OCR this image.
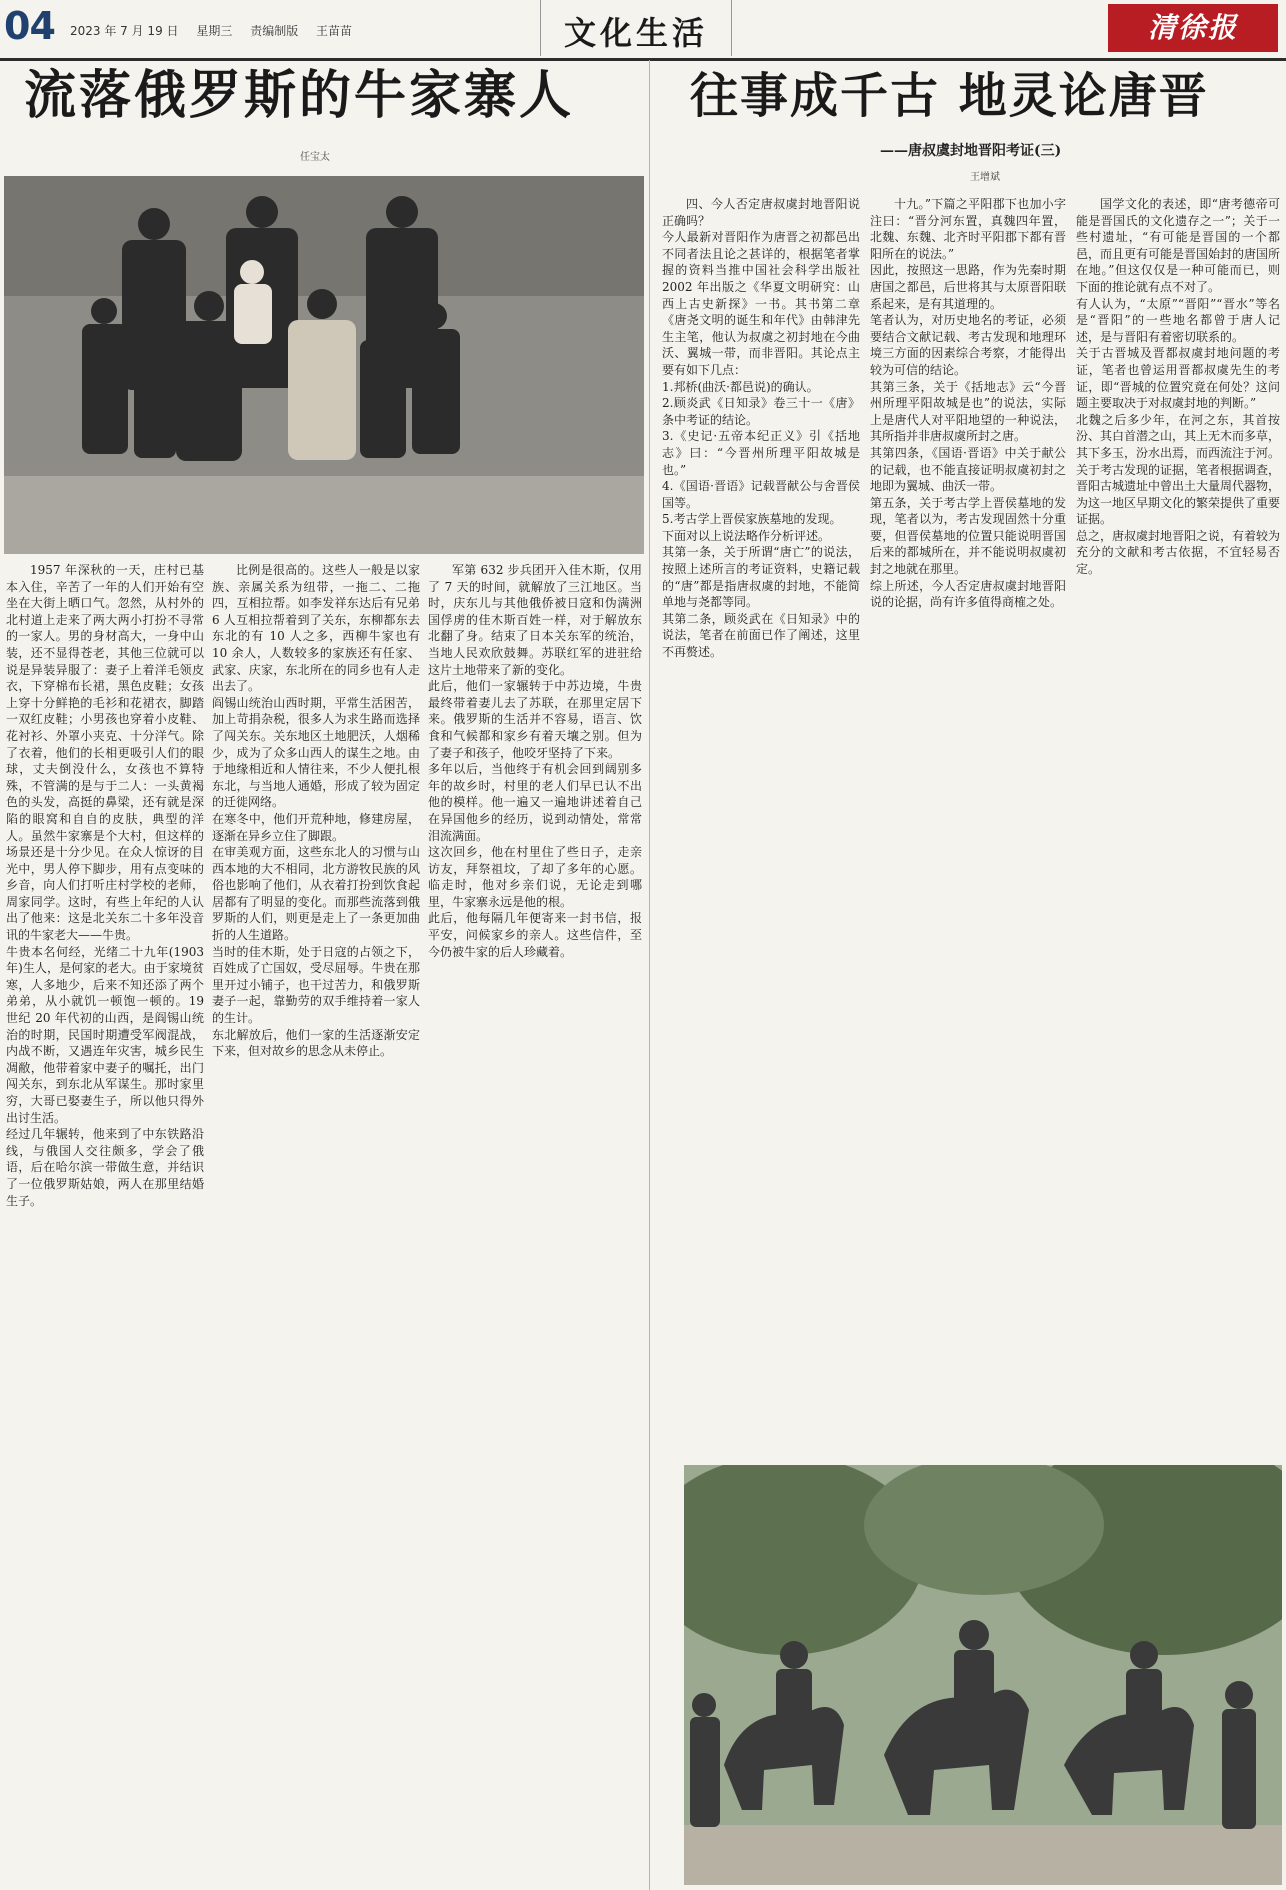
04 2023 年 7 月 19 日 星期三 责编制版 王苗苗	文化生活	清徐报
流落俄罗斯的牛家寨人
任宝太

1957 年深秋的一天，庄村已基本入住，辛苦了一年的人们开始有空坐在大街上晒口气。忽然，从村外的北村道上走来了两大两小打扮不寻常的一家人。男的身材高大，一身中山装，还不显得苍老，其他三位就可以说是异装异服了：妻子上着洋毛领皮衣，下穿棉布长裙，黑色皮鞋；女孩上穿十分鲜艳的毛衫和花裙衣，脚踏一双红皮鞋；小男孩也穿着小皮鞋、花衬衫、外罩小夹克、十分洋气。除了衣着，他们的长相更吸引人们的眼球，丈夫倒没什么，女孩也不算特殊，不管满的是与于二人：一头黄褐色的头发，高挺的鼻梁，还有就是深陷的眼窝和自自的皮肤，典型的洋人。虽然牛家寨是个大村，但这样的场景还是十分少见。在众人惊讶的目光中，男人停下脚步，用有点变味的乡音，向人们打听庄村学校的老师，周家同学。这时，有些上年纪的人认出了他来：这是北关东二十多年没音讯的牛家老大——牛贵。
牛贵本名何经，光绪二十九年(1903 年)生人，是何家的老大。由于家境贫寒，人多地少，后来不知还添了两个弟弟，从小就饥一顿饱一顿的。19 世纪 20 年代初的山西，是阎锡山统治的时期，民国时期遭受军阀混战，内战不断，又遇连年灾害，城乡民生凋敝，他带着家中妻子的嘱托，出门闯关东，到东北从军谋生。那时家里穷，大哥已娶妻生子，所以他只得外出讨生活。
经过几年辗转，他来到了中东铁路沿线，与俄国人交往颇多，学会了俄语，后在哈尔滨一带做生意，并结识了一位俄罗斯姑娘，两人在那里结婚生子。

比例是很高的。这些人一般是以家族、亲属关系为纽带，一拖二、二拖四，互相拉帮。如李发祥东达后有兄弟 6 人互相拉帮着到了关东，东柳都东去东北的有 10 人之多，西柳牛家也有 10 余人，人数较多的家族还有任家、武家、庆家，东北所在的同乡也有人走出去了。
阎锡山统治山西时期，平常生活困苦，加上苛捐杂税，很多人为求生路而选择了闯关东。关东地区土地肥沃，人烟稀少，成为了众多山西人的谋生之地。由于地缘相近和人情往来，不少人便扎根东北，与当地人通婚，形成了较为固定的迁徙网络。
在寒冬中，他们开荒种地，修建房屋，逐渐在异乡立住了脚跟。
在审美观方面，这些东北人的习惯与山西本地的大不相同，北方游牧民族的风俗也影响了他们，从衣着打扮到饮食起居都有了明显的变化。而那些流落到俄罗斯的人们，则更是走上了一条更加曲折的人生道路。
当时的佳木斯，处于日寇的占领之下，百姓成了亡国奴，受尽屈辱。牛贵在那里开过小铺子，也干过苦力，和俄罗斯妻子一起，靠勤劳的双手维持着一家人的生计。
东北解放后，他们一家的生活逐渐安定下来，但对故乡的思念从未停止。

军第 632 步兵团开入佳木斯，仅用了 7 天的时间，就解放了三江地区。当时，庆东儿与其他俄侨被日寇和伪满洲国俘虏的佳木斯百姓一样，对于解放东北翻了身。结束了日本关东军的统治，当地人民欢欣鼓舞。苏联红军的进驻给这片土地带来了新的变化。
此后，他们一家辗转于中苏边境，牛贵最终带着妻儿去了苏联，在那里定居下来。俄罗斯的生活并不容易，语言、饮食和气候都和家乡有着天壤之别。但为了妻子和孩子，他咬牙坚持了下来。
多年以后，当他终于有机会回到阔别多年的故乡时，村里的老人们早已认不出他的模样。他一遍又一遍地讲述着自己在异国他乡的经历，说到动情处，常常泪流满面。
这次回乡，他在村里住了些日子，走亲访友，拜祭祖坟，了却了多年的心愿。临走时，他对乡亲们说，无论走到哪里，牛家寨永远是他的根。
此后，他每隔几年便寄来一封书信，报平安，问候家乡的亲人。这些信件，至今仍被牛家的后人珍藏着。

往事成千古 地灵论唐晋
——唐叔虞封地晋阳考证(三)
王增斌

四、今人否定唐叔虞封地晋阳说正确吗？
今人最新对晋阳作为唐晋之初都邑出不同者法且论之甚详的，根据笔者掌握的资料当推中国社会科学出版社 2002 年出版之《华夏文明研究：山西上古史新探》一书。其书第二章《唐尧文明的诞生和年代》由韩津先生主笔，他认为叔虞之初封地在今曲沃、翼城一带，而非晋阳。其论点主要有如下几点：
1.邦桥(曲沃·都邑说)的确认。
2.顾炎武《日知录》卷三十一《唐》条中考证的结论。
3.《史记·五帝本纪正义》引《括地志》曰：“今晋州所理平阳故城是也。”
4.《国语·晋语》记载晋献公与舍晋侯国等。
5.考古学上晋侯家族墓地的发现。
下面对以上说法略作分析评述。
其第一条，关于所谓“唐亡”的说法，按照上述所言的考证资料，史籍记载的“唐”都是指唐叔虞的封地，不能简单地与尧都等同。
其第二条，顾炎武在《日知录》中的说法，笔者在前面已作了阐述，这里不再赘述。

十九。”下篇之平阳郡下也加小字注曰：“晋分河东置，真魏四年置，北魏、东魏、北齐时平阳郡下都有晋阳所在的说法。”
因此，按照这一思路，作为先秦时期唐国之都邑，后世将其与太原晋阳联系起来，是有其道理的。
笔者认为，对历史地名的考证，必须要结合文献记载、考古发现和地理环境三方面的因素综合考察，才能得出较为可信的结论。
其第三条，关于《括地志》云“今晋州所理平阳故城是也”的说法，实际上是唐代人对平阳地望的一种说法，其所指并非唐叔虞所封之唐。
其第四条，《国语·晋语》中关于献公的记载，也不能直接证明叔虞初封之地即为翼城、曲沃一带。
第五条，关于考古学上晋侯墓地的发现，笔者以为，考古发现固然十分重要，但晋侯墓地的位置只能说明晋国后来的都城所在，并不能说明叔虞初封之地就在那里。
综上所述，今人否定唐叔虞封地晋阳说的论据，尚有许多值得商榷之处。

国学文化的表述，即“唐考德帝可能是晋国氏的文化遗存之一”；关于一些村遗址，“有可能是晋国的一个都邑，而且更有可能是晋国始封的唐国所在地。”但这仅仅是一种可能而已，则下面的推论就有点不对了。
有人认为，“太原”“晋阳”“晋水”等名是“晋阳”的一些地名都曾于唐人记述，是与晋阳有着密切联系的。
关于古晋城及晋都叔虞封地问题的考证，笔者也曾运用晋都叔虞先生的考证，即“晋城的位置究竟在何处？这问题主要取决于对叔虞封地的判断。”
北魏之后多少年，在河之东，其首按汾、其白首潜之山，其上无木而多草，其下多玉，汾水出焉，而西流注于河。
关于考古发现的证据，笔者根据调查，晋阳古城遗址中曾出土大量周代器物，为这一地区早期文化的繁荣提供了重要证据。
总之，唐叔虞封地晋阳之说，有着较为充分的文献和考古依据，不宜轻易否定。
